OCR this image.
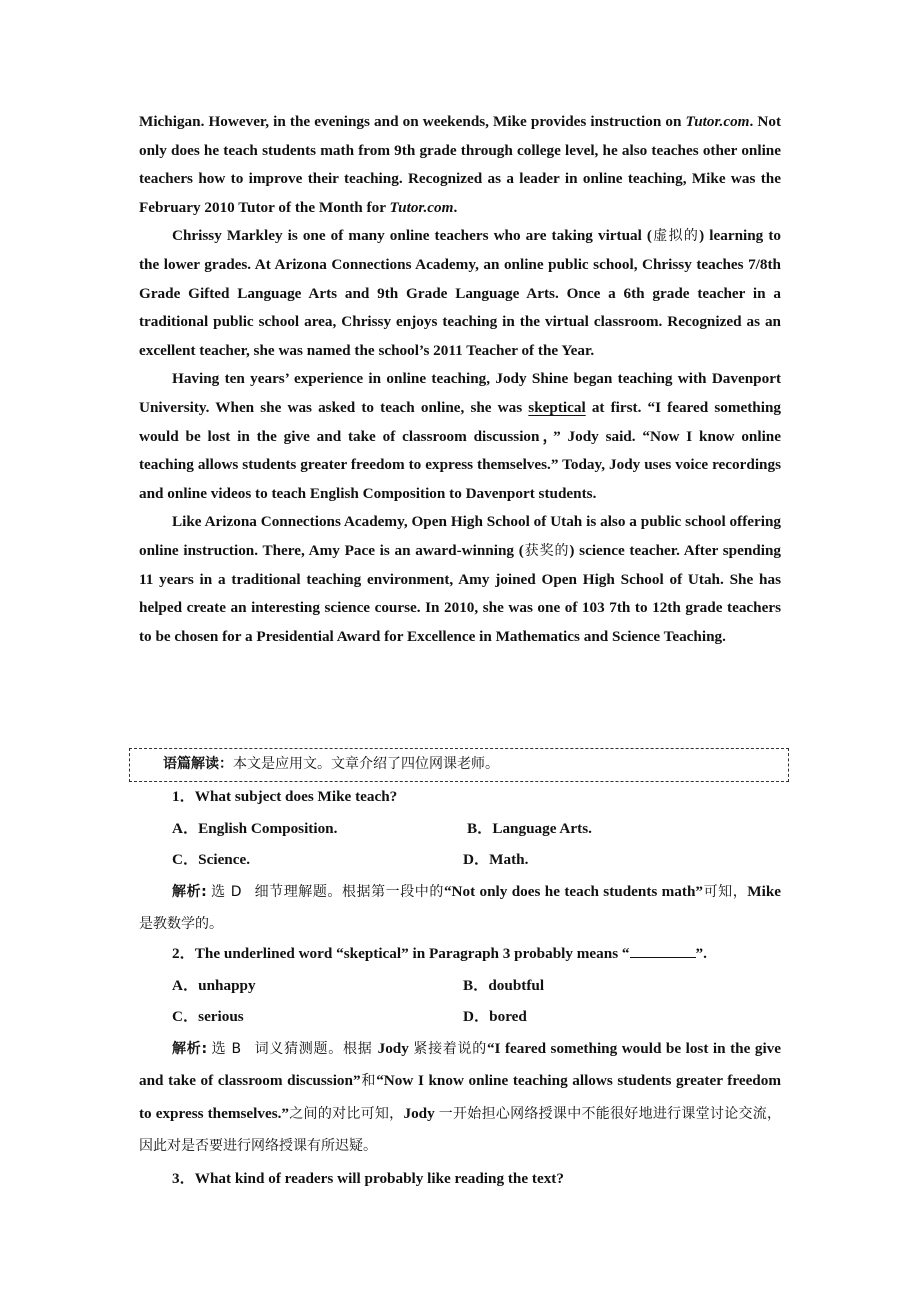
Michigan. However, in the evenings and on weekends, Mike provides instruction on Tutor.com. Not only does he teach students math from 9th grade through college level, he also teaches other online teachers how to improve their teaching. Recognized as a leader in online teaching, Mike was the February 2010 Tutor of the Month for Tutor.com.

Chrissy Markley is one of many online teachers who are taking virtual (虚拟的) learning to the lower grades. At Arizona Connections Academy, an online public school, Chrissy teaches 7/8th Grade Gifted Language Arts and 9th Grade Language Arts. Once a 6th grade teacher in a traditional public school area, Chrissy enjoys teaching in the virtual classroom. Recognized as an excellent teacher, she was named the school’s 2011 Teacher of the Year.

Having ten years’ experience in online teaching, Jody Shine began teaching with Davenport University. When she was asked to teach online, she was skeptical at first. “I feared something would be lost in the give and take of classroom discussion，” Jody said. “Now I know online teaching allows students greater freedom to express themselves.” Today, Jody uses voice recordings and online videos to teach English Composition to Davenport students.

Like Arizona Connections Academy, Open High School of Utah is also a public school offering online instruction. There, Amy Pace is an award-winning (获奖的) science teacher. After spending 11 years in a traditional teaching environment, Amy joined Open High School of Utah. She has helped create an interesting science course. In 2010, she was one of 103 7th to 12th grade teachers to be chosen for a Presidential Award for Excellence in Mathematics and Science Teaching.

语篇解读：本文是应用文。文章介绍了四位网课老师。

1．What subject does Mike teach?

A．English Composition.	B．Language Arts.

C．Science.	D．Math.

解析: 选 D 细节理解题。根据第一段中的“Not only does he teach students math”可知，Mike 是教数学的。

2．The underlined word “skeptical” in Paragraph 3 probably means “	”.

A．unhappy	B．doubtful

C．serious	D．bored

解析: 选 B 词义猜测题。根据 Jody 紧接着说的“I feared something would be lost in the give and take of classroom discussion”和“Now I know online teaching allows students greater freedom to express themselves.”之间的对比可知，Jody 一开始担心网络授课中不能很好地进行课堂讨论交流，因此对是否要进行网络授课有所迟疑。

3．What kind of readers will probably like reading the text?
